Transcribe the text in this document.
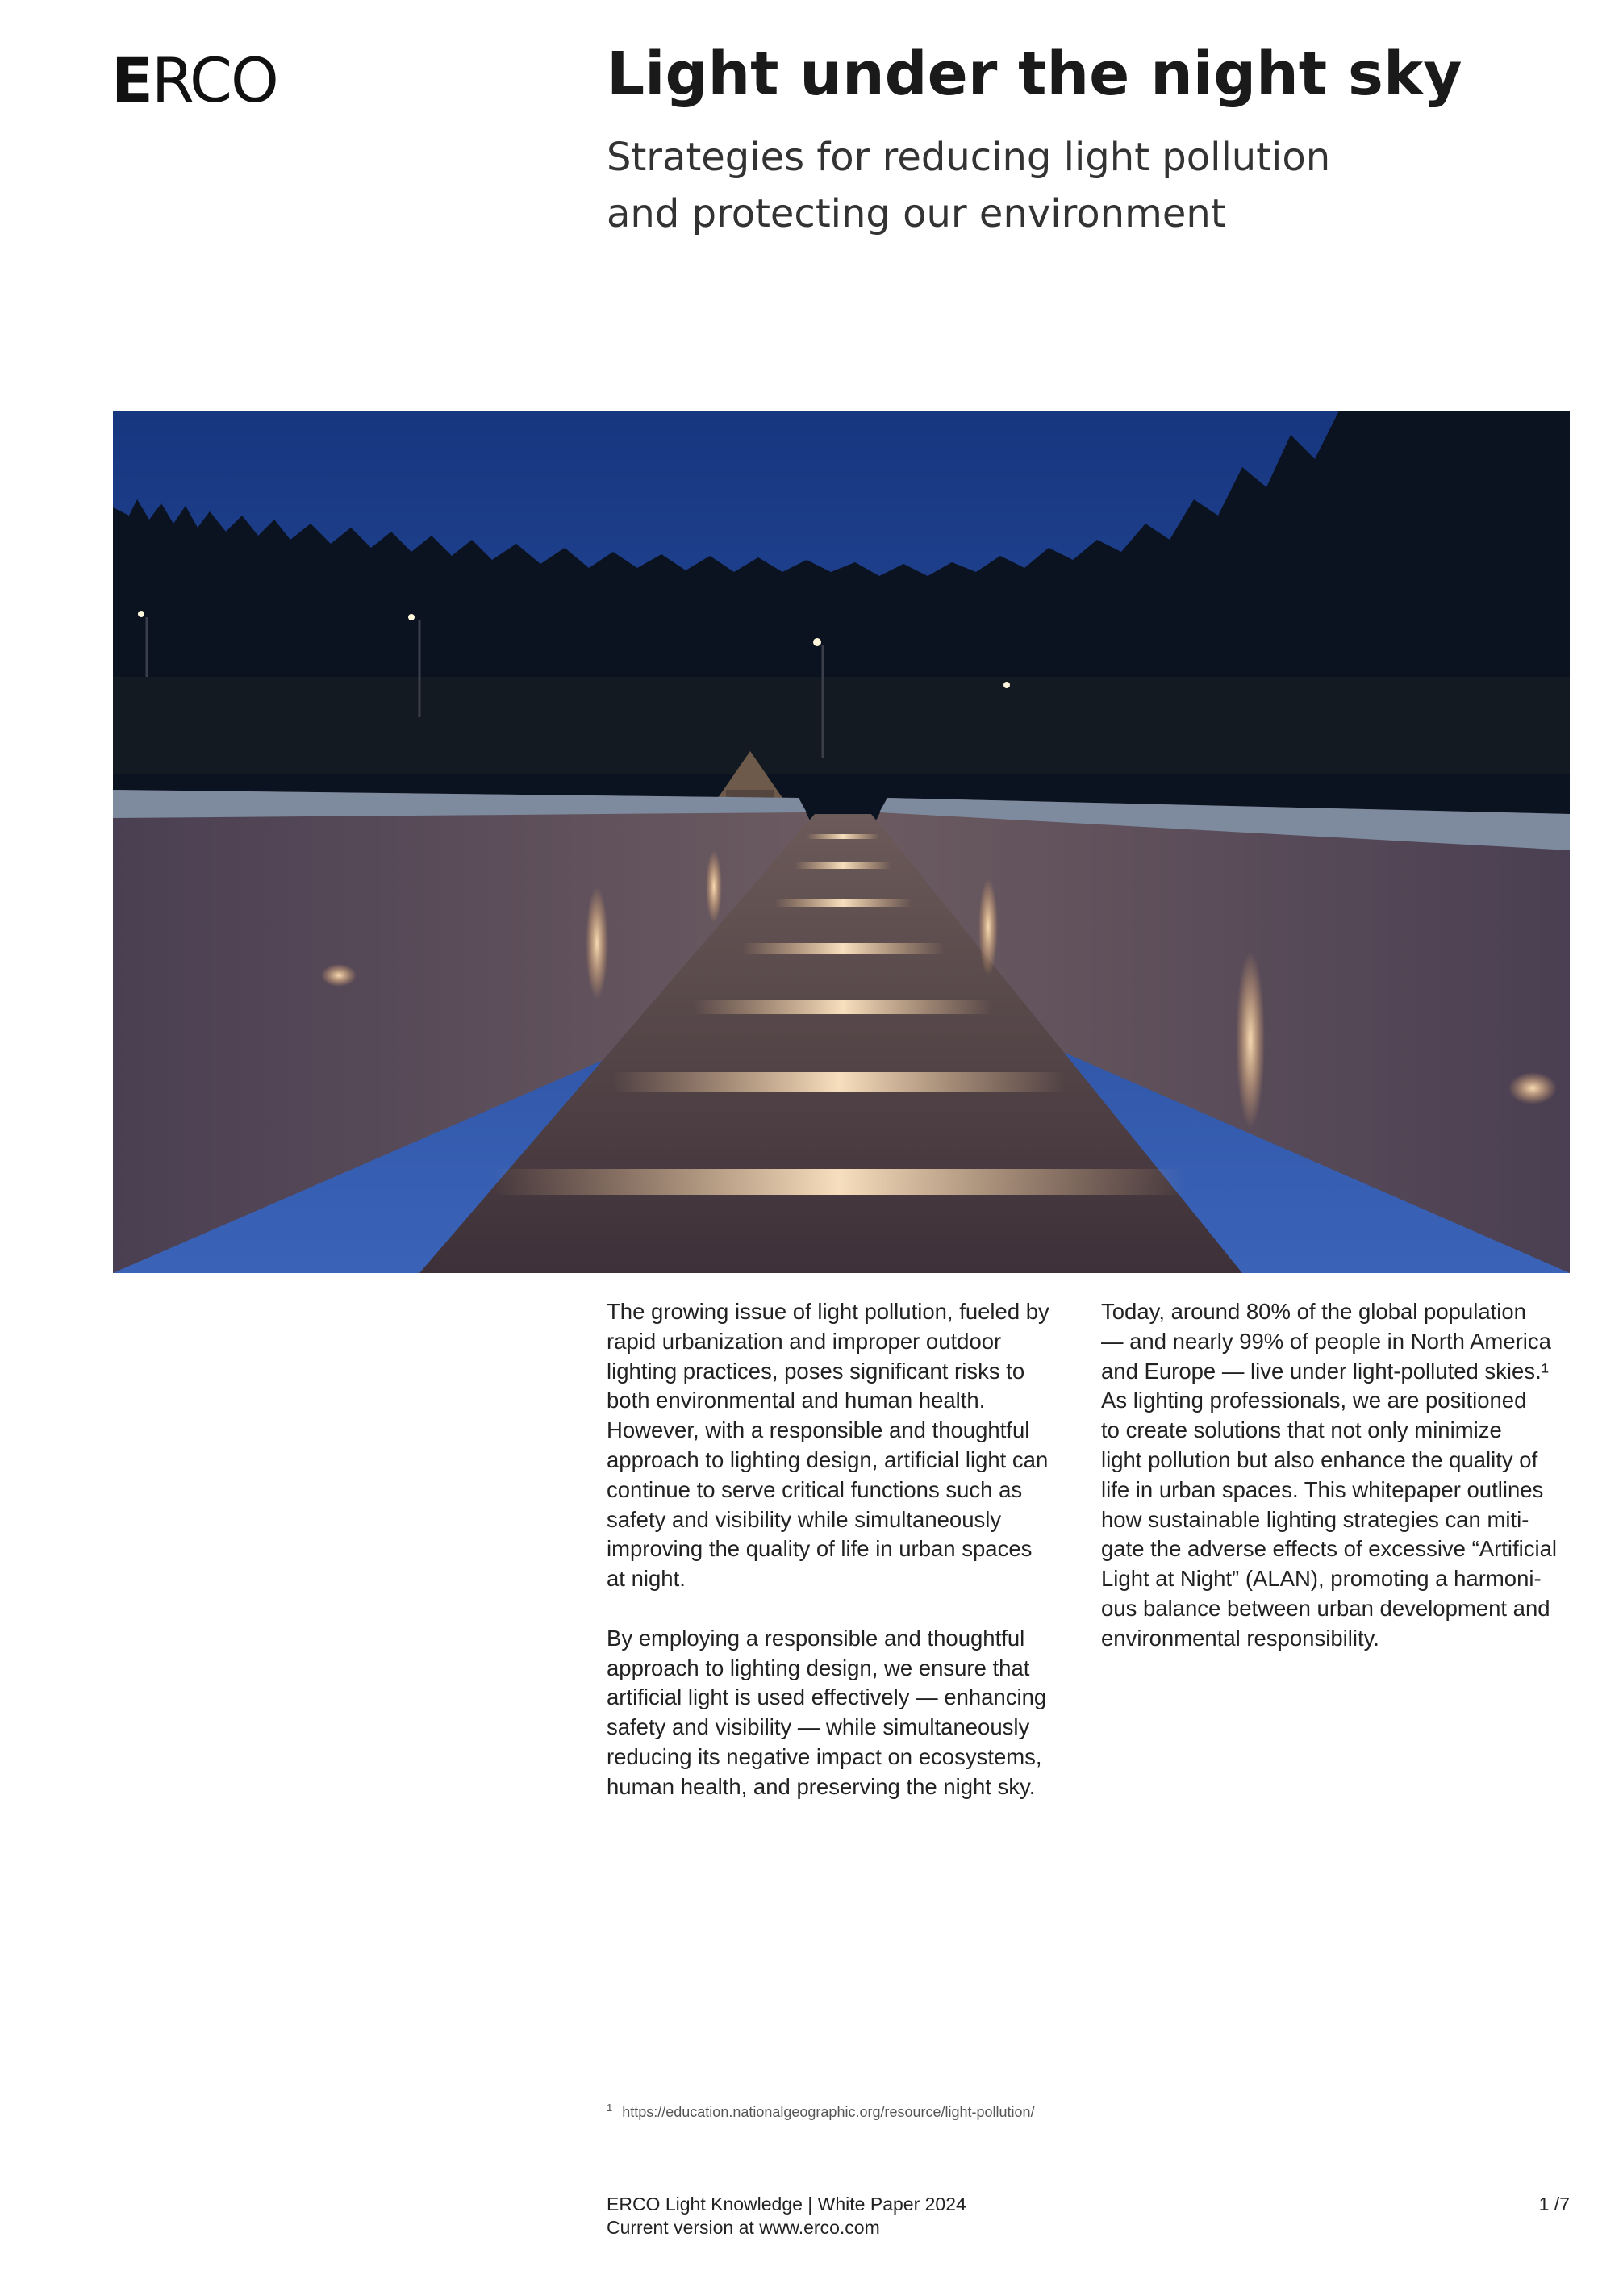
ERCO	Light under the night sky
Strategies for reducing light pollution
and protecting our environment

The growing issue of light pollution, fueled by
rapid urbanization and improper outdoor
lighting practices, poses significant risks to
both environmental and human health.
However, with a responsible and thoughtful
approach to lighting design, artificial light can
continue to serve critical functions such as
safety and visibility while simultaneously
improving the quality of life in urban spaces
at night.

By employing a responsible and thoughtful
approach to lighting design, we ensure that
artificial light is used effectively — enhancing
safety and visibility — while simultaneously
reducing its negative impact on ecosystems,
human health, and preserving the night sky.

Today, around 80% of the global population
— and nearly 99% of people in North America
and Europe — live under light-polluted skies.¹
As lighting professionals, we are positioned
to create solutions that not only minimize
light pollution but also enhance the quality of
life in urban spaces. This whitepaper outlines
how sustainable lighting strategies can miti-
gate the adverse effects of excessive “Artificial
Light at Night” (ALAN), promoting a harmoni-
ous balance between urban development and
environmental responsibility.

$^1$ https://education.nationalgeographic.org/resource/light-pollution/
ERCO Light Knowledge | White Paper 2024
Current version at www.erco.com
1 /7
